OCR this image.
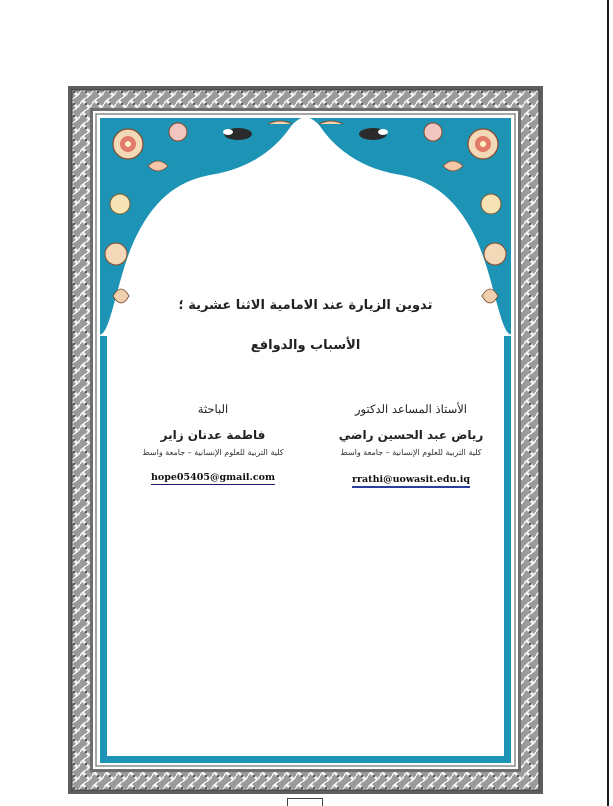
تدوين الزيارة عند الامامية الاثنا عشرية ؛
الأسباب والدوافع
الأستاذ المساعد الدكتور
رياض عبد الحسين راضي
كلية التربية للعلوم الإنسانية – جامعة واسط
rrathi@uowasit.edu.iq
الباحثة
فاطمة عدنان زاير
كلية التربية للعلوم الإنسانية – جامعة واسط
hope05405@gmail.com
